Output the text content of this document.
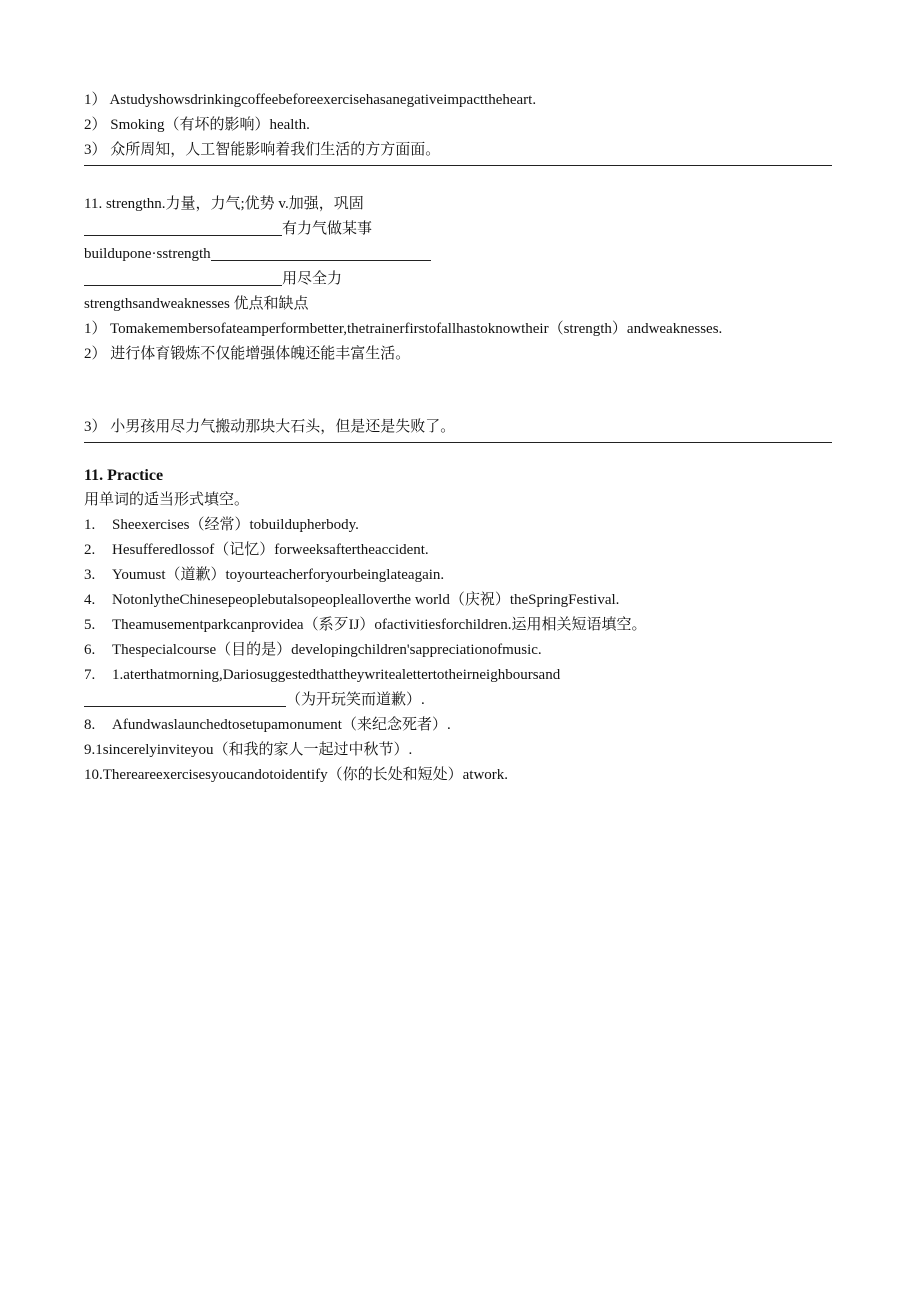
1） Astudyshowsdrinkingcoffeebeforeexercisehasanegativeimpacttheheart.
2） Smoking（有坏的影响）health.
3） 众所周知，人工智能影响着我们生活的方方面面。
11. strengthn.力量，力气;优势 v.加强，巩固
有力气做某事
buildupone·sstrength
用尽全力
strengthsandweaknesses 优点和缺点
1） Tomakemembersofateamperformbetter,thetrainerfirstofallhastoknowtheir（strength）andweaknesses.
2） 进行体育锻炼不仅能增强体魄还能丰富生活。
3） 小男孩用尽力气搬动那块大石头，但是还是失败了。
11. Practice
用单词的适当形式填空。
1. Sheexercises（经常）tobuildupherbody.
2. Hesufferedlossof（记忆）forweeksaftertheaccident.
3. Youmust（道歉）toyourteacherforyourbeinglateagain.
4. NotonlytheChinesepeoplebutalsopeoplealloverthe world（庆祝）theSpringFestival.
5. Theamusementparkcanprovidea（系歹IJ）ofactivitiesforchildren.运用相关短语填空。
6. Thespecialcourse（目的是）developingchildren'sappreciationofmusic.
7. 1.aterthatmorning,Dariosuggestedthattheywritealettertotheirneighboursand
（为开玩笑而道歉）.
8. Afundwaslaunchedtosetupamonument（来纪念死者）.
9.1sincerelyinviteyou（和我的家人一起过中秋节）.
10.Thereareexercisesyoucandotoidentify（你的长处和短处）atwork.
